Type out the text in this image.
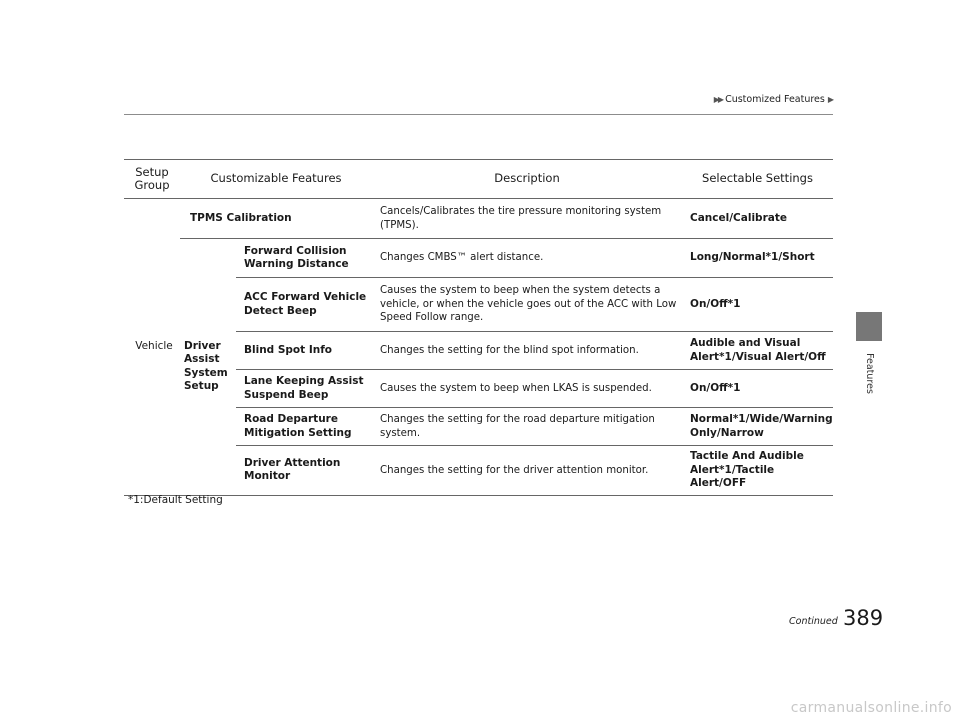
▶▶ Customized Features ▶
Features
Setup Group	Customizable Features		Description	Selectable Settings
Vehicle	TPMS Calibration		Cancels/Calibrates the tire pressure monitoring system (TPMS).	Cancel/Calibrate
	Driver Assist System Setup	Forward Collision Warning Distance	Changes CMBS™ alert distance.	Long/Normal*1/Short
		ACC Forward Vehicle Detect Beep	Causes the system to beep when the system detects a vehicle, or when the vehicle goes out of the ACC with Low Speed Follow range.	On/Off*1
		Blind Spot Info	Changes the setting for the blind spot information.	Audible and Visual Alert*1/Visual Alert/Off
		Lane Keeping Assist Suspend Beep	Causes the system to beep when LKAS is suspended.	On/Off*1
		Road Departure Mitigation Setting	Changes the setting for the road departure mitigation system.	Normal*1/Wide/Warning Only/Narrow
		Driver Attention Monitor	Changes the setting for the driver attention monitor.	Tactile And Audible Alert*1/Tactile Alert/OFF
*1:Default Setting
Continued 389
carmanualsonline.info
